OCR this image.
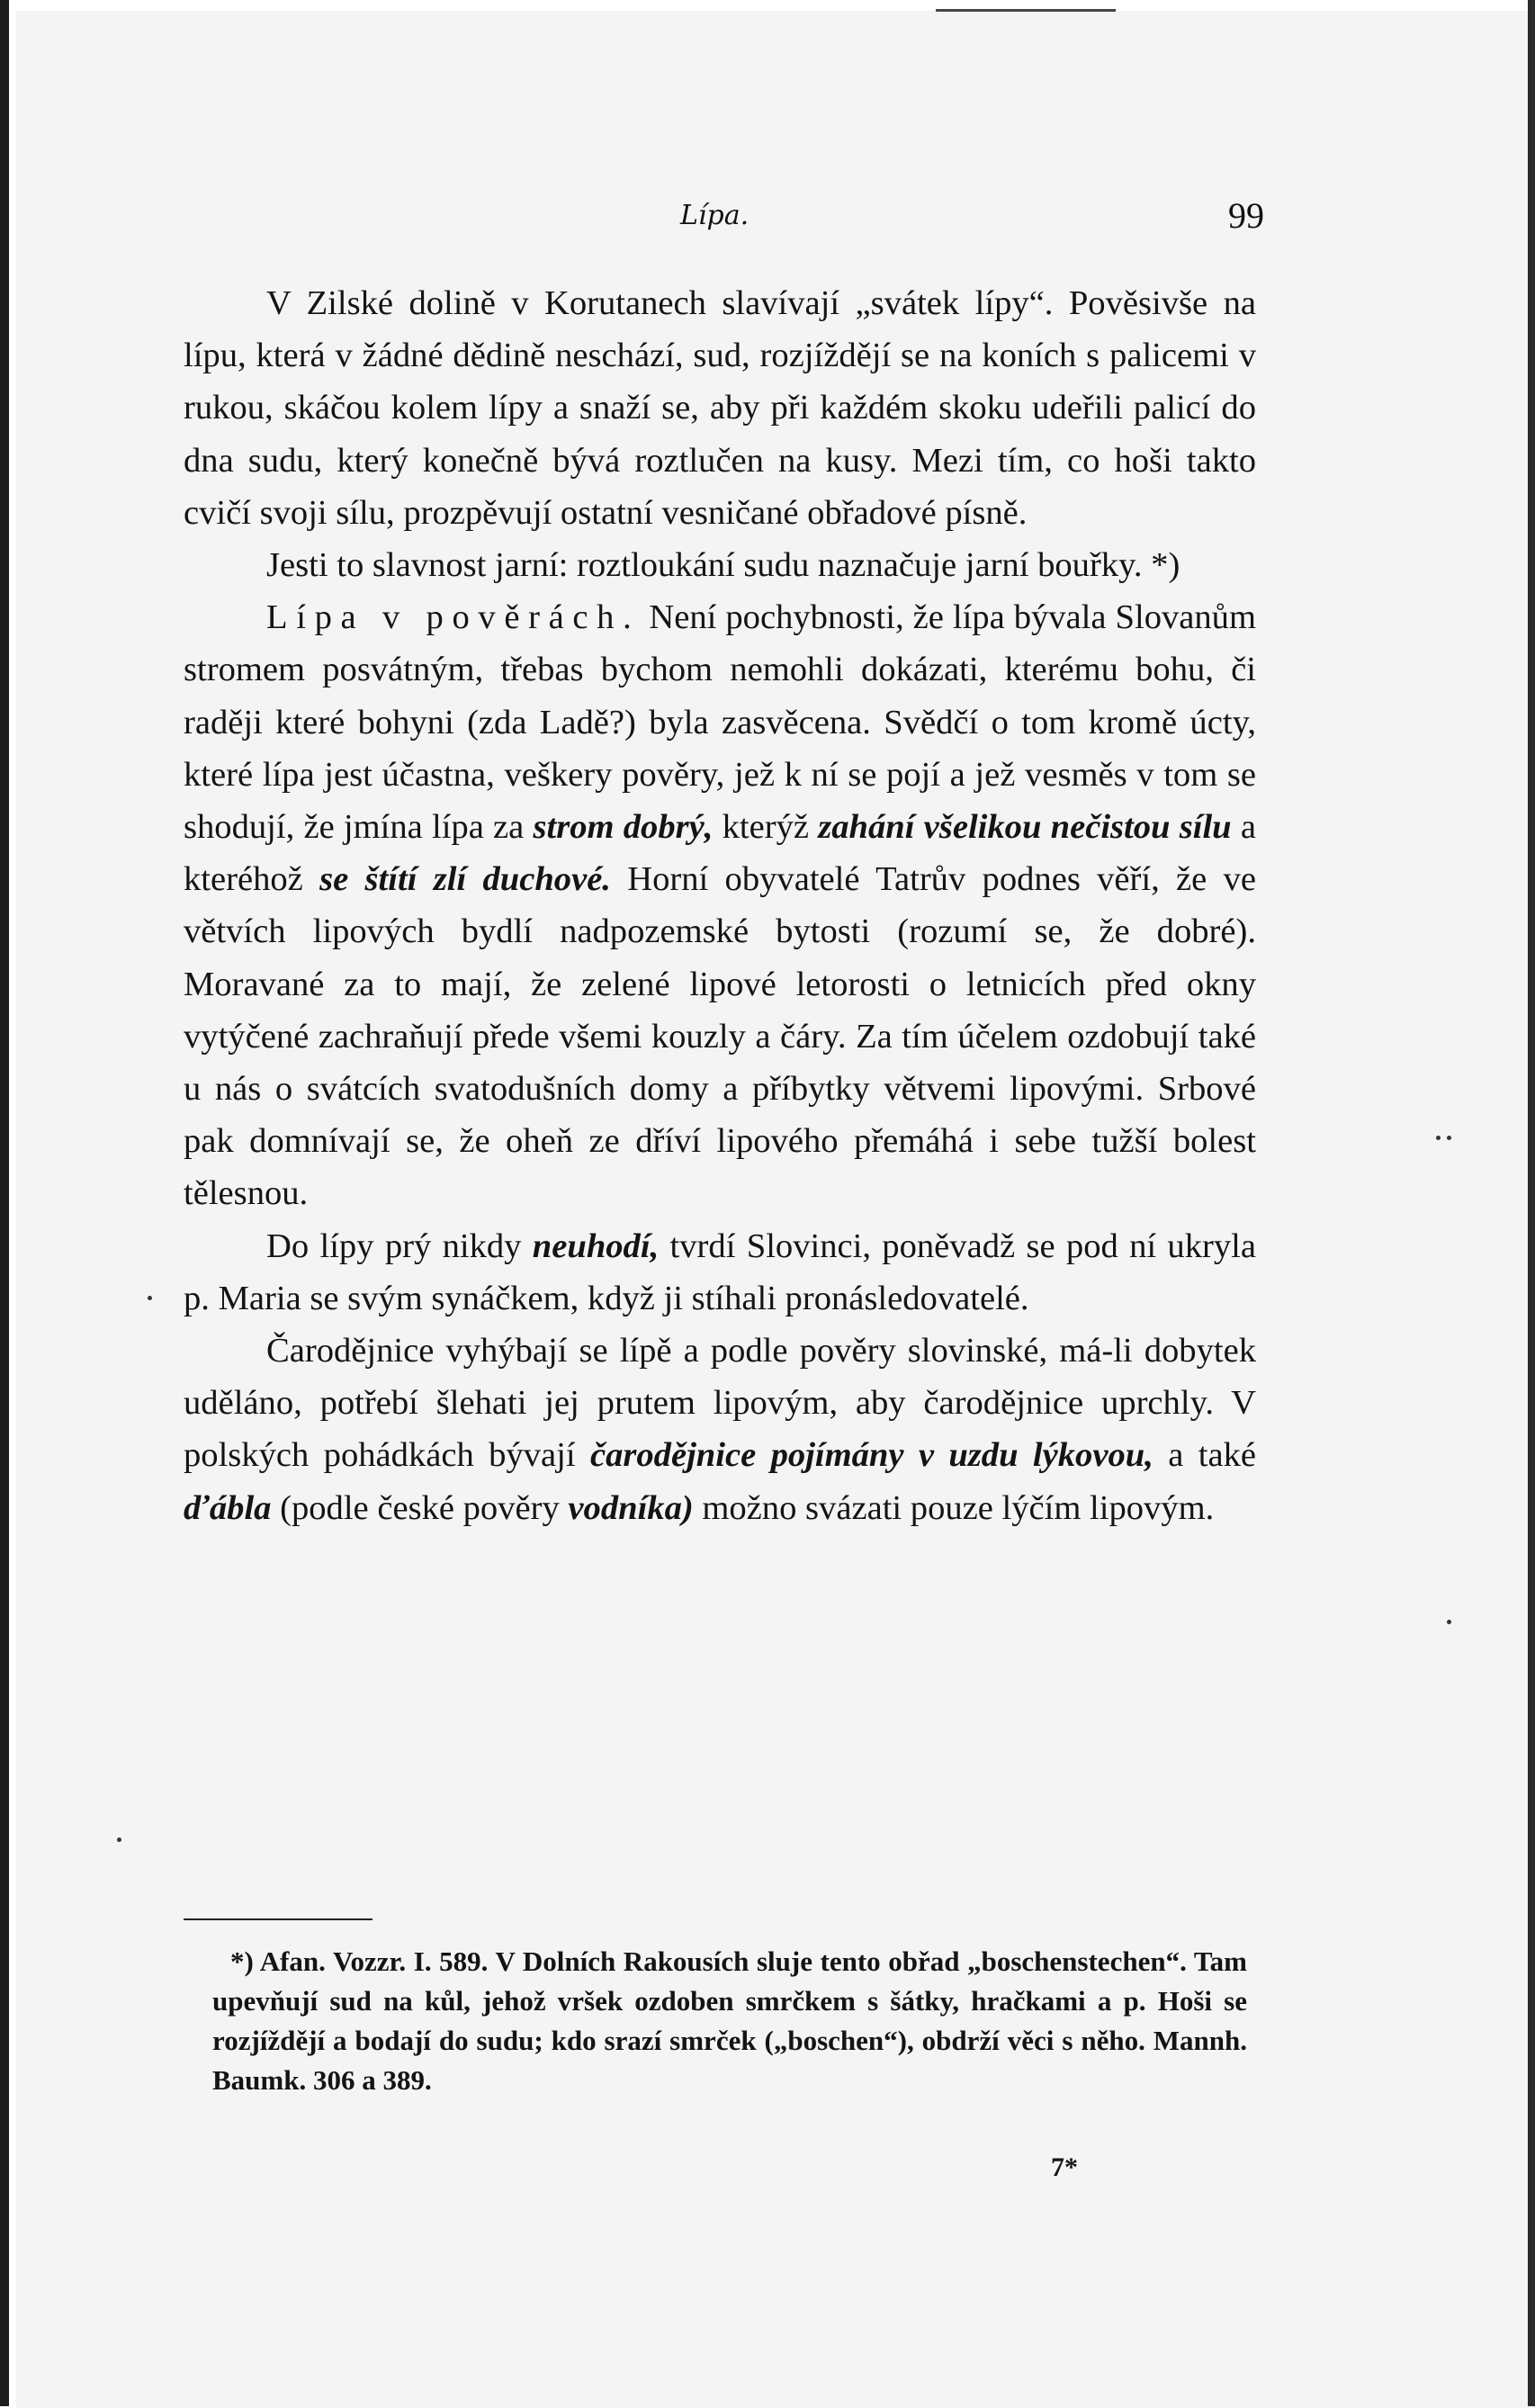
Lípa.	99

V Zilské dolině v Korutanech slavívají „svátek lípy“. Pověsivše na lípu, která v žádné dědině neschází, sud, rozjíždějí se na koních s palicemi v rukou, skáčou kolem lípy a snaží se, aby při každém skoku udeřili palicí do dna sudu, který konečně bývá roztlučen na kusy. Mezi tím, co hoši takto cvičí svoji sílu, prozpěvují ostatní vesničané obřadové písně.

Jesti to slavnost jarní: roztloukání sudu naznačuje jarní bouřky. *)

Lípa v pověrách. Není pochybnosti, že lípa bývala Slovanům stromem posvátným, třebas bychom nemohli dokázati, kterému bohu, či raději které bohyni (zda Ladě?) byla zasvěcena. Svědčí o tom kromě úcty, které lípa jest účastna, veškery pověry, jež k ní se pojí a jež vesměs v tom se shodují, že jmína lípa za strom dobrý, kterýž zahání všelikou nečistou sílu a kteréhož se štítí zlí duchové. Horní obyvatelé Tatrův podnes věří, že ve větvích lipových bydlí nadpozemské bytosti (rozumí se, že dobré). Moravané za to mají, že zelené lipové letorosti o letnicích před okny vytýčené zachraňují přede všemi kouzly a čáry. Za tím účelem ozdobují také u nás o svátcích svatodušních domy a příbytky větvemi lipovými. Srbové pak domnívají se, že oheň ze dříví lipového přemáhá i sebe tužší bolest tělesnou.

Do lípy prý nikdy neuhodí, tvrdí Slovinci, poněvadž se pod ní ukryla p. Maria se svým synáčkem, když ji stíhali pronásledovatelé.

Čarodějnice vyhýbají se lípě a podle pověry slovinské, má-li dobytek uděláno, potřebí šlehati jej prutem lipovým, aby čarodějnice uprchly. V polských pohádkách bývají čarodějnice pojímány v uzdu lýkovou, a také ďábla (podle české pověry vodníka) možno svázati pouze lýčím lipovým.

*) Afan. Vozzr. I. 589. V Dolních Rakousích sluje tento obřad „boschenstechen“. Tam upevňují sud na kůl, jehož vršek ozdoben smrčkem s šátky, hračkami a p. Hoši se rozjíždějí a bodají do sudu; kdo srazí smrček („boschen“), obdrží věci s něho. Mannh. Baumk. 306 a 389.
7*
